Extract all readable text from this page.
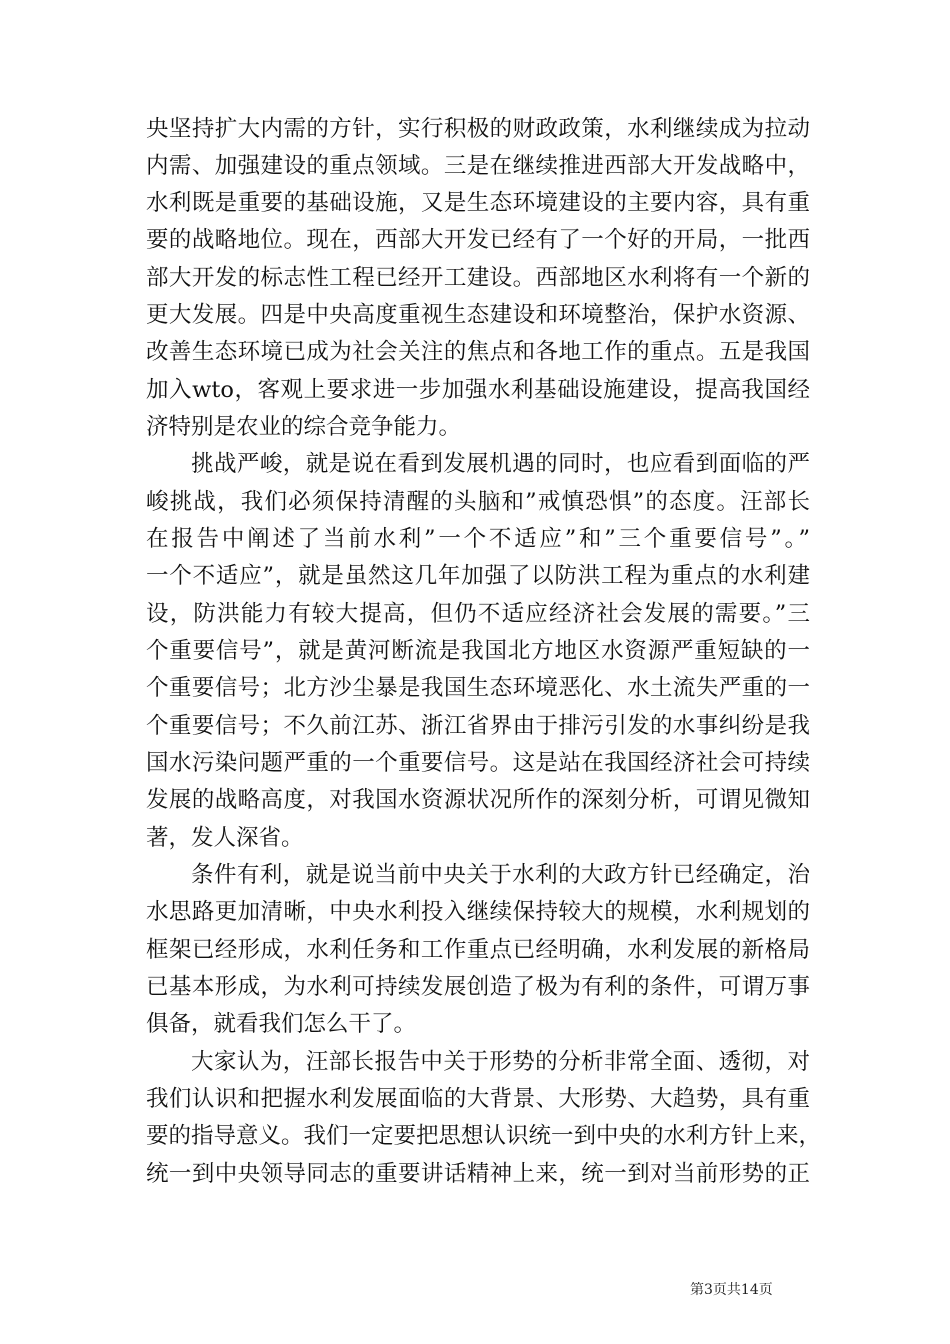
央坚持扩大内需的方针，实行积极的财政政策，水利继续成为拉动
内需、加强建设的重点领域。三是在继续推进西部大开发战略中，
水利既是重要的基础设施，又是生态环境建设的主要内容，具有重
要的战略地位。现在，西部大开发已经有了一个好的开局，一批西
部大开发的标志性工程已经开工建设。西部地区水利将有一个新的
更大发展。四是中央高度重视生态建设和环境整治，保护水资源、
改善生态环境已成为社会关注的焦点和各地工作的重点。五是我国
加入wto，客观上要求进一步加强水利基础设施建设，提高我国经
济特别是农业的综合竞争能力。
挑战严峻，就是说在看到发展机遇的同时，也应看到面临的严
峻挑战，我们必须保持清醒的头脑和”戒慎恐惧”的态度。汪部长
在报告中阐述了当前水利”一个不适应”和”三个重要信号”。”
一个不适应”，就是虽然这几年加强了以防洪工程为重点的水利建
设，防洪能力有较大提高，但仍不适应经济社会发展的需要。”三
个重要信号”，就是黄河断流是我国北方地区水资源严重短缺的一
个重要信号；北方沙尘暴是我国生态环境恶化、水土流失严重的一
个重要信号；不久前江苏、浙江省界由于排污引发的水事纠纷是我
国水污染问题严重的一个重要信号。这是站在我国经济社会可持续
发展的战略高度，对我国水资源状况所作的深刻分析，可谓见微知
著，发人深省。
条件有利，就是说当前中央关于水利的大政方针已经确定，治
水思路更加清晰，中央水利投入继续保持较大的规模，水利规划的
框架已经形成，水利任务和工作重点已经明确，水利发展的新格局
已基本形成，为水利可持续发展创造了极为有利的条件，可谓万事
俱备，就看我们怎么干了。
大家认为，汪部长报告中关于形势的分析非常全面、透彻，对
我们认识和把握水利发展面临的大背景、大形势、大趋势，具有重
要的指导意义。我们一定要把思想认识统一到中央的水利方针上来，
统一到中央领导同志的重要讲话精神上来，统一到对当前形势的正
第3页共14页
